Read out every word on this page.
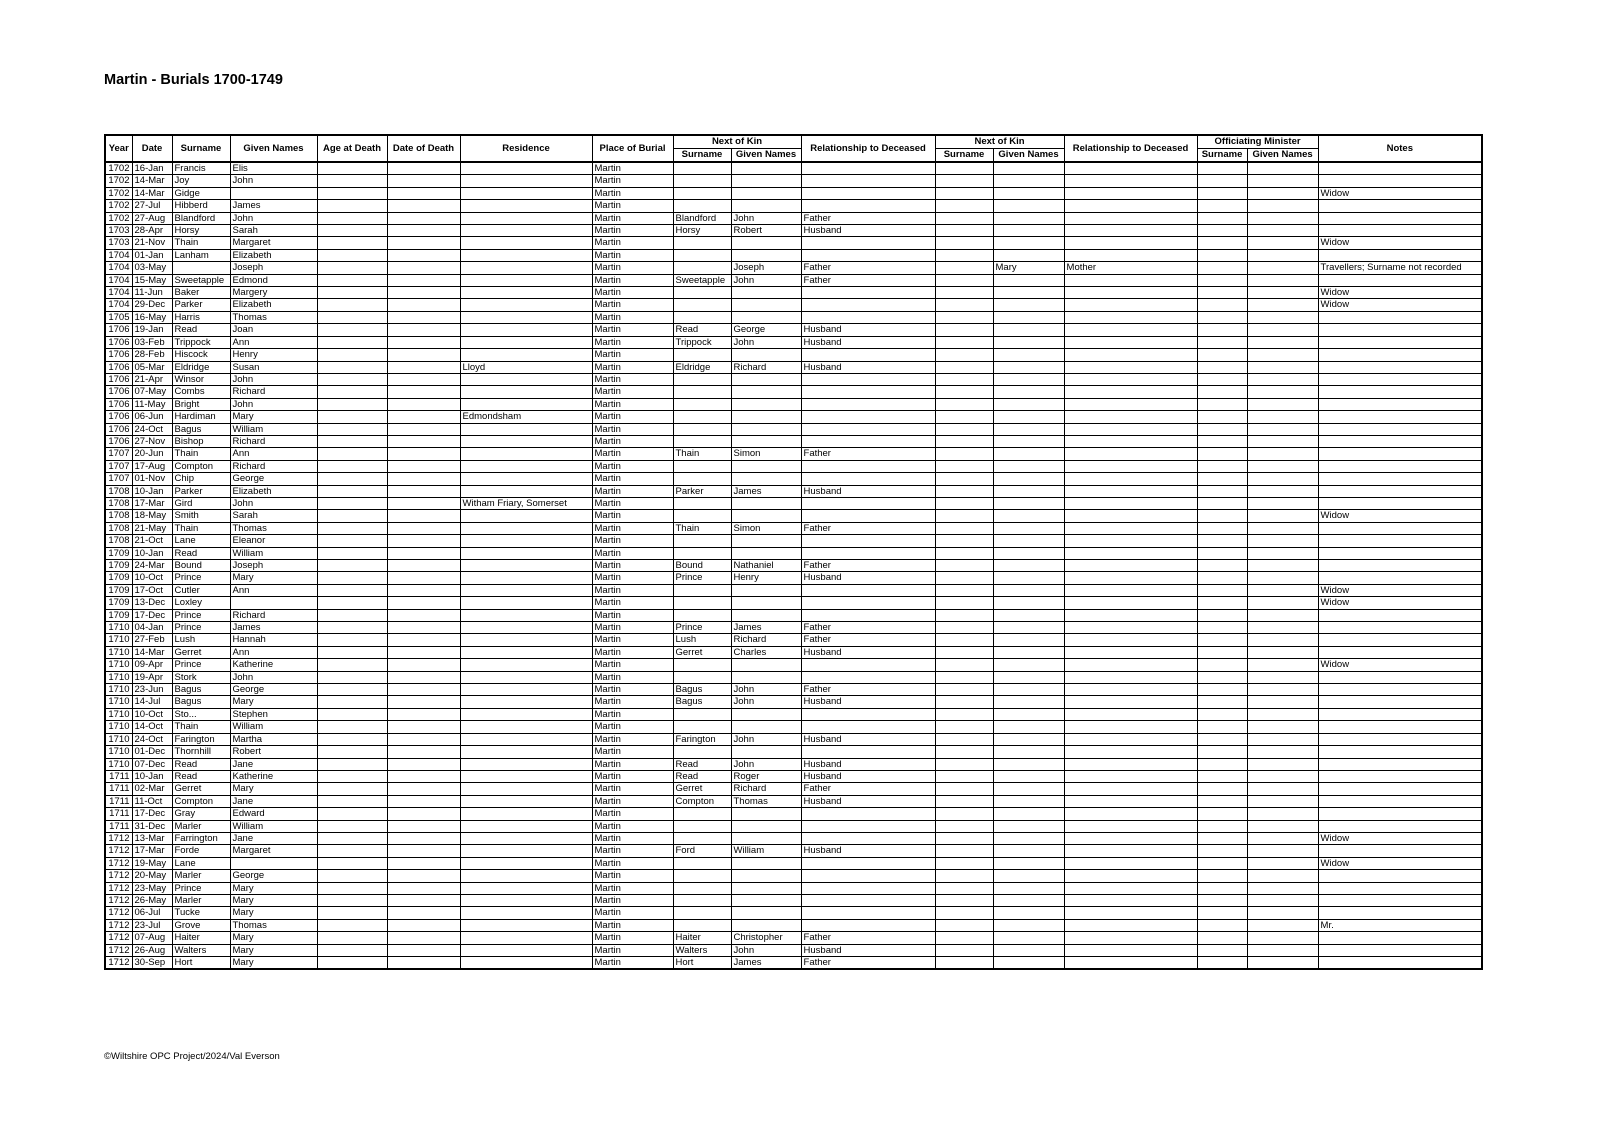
Martin - Burials 1700-1749
Year	Date	Surname	Given Names	Age at Death	Date of Death	Residence	Place of Burial	Next of Kin		Relationship to Deceased	Next of Kin		Relationship to Deceased	Officiating Minister		Notes
								Surname	Given Names		Surname	Given Names		Surname	Given Names	
1702	16-Jan	Francis	Elis				Martin									
1702	14-Mar	Joy	John				Martin									
1702	14-Mar	Gidge					Martin									Widow
1702	27-Jul	Hibberd	James				Martin									
1702	27-Aug	Blandford	John				Martin	Blandford	John	Father						
1703	28-Apr	Horsy	Sarah				Martin	Horsy	Robert	Husband						
1703	21-Nov	Thain	Margaret				Martin									Widow
1704	01-Jan	Lanham	Elizabeth				Martin									
1704	03-May		Joseph				Martin		Joseph	Father		Mary	Mother			Travellers; Surname not recorded
1704	15-May	Sweetapple	Edmond				Martin	Sweetapple	John	Father						
1704	11-Jun	Baker	Margery				Martin									Widow
1704	29-Dec	Parker	Elizabeth				Martin									Widow
1705	16-May	Harris	Thomas				Martin									
1706	19-Jan	Read	Joan				Martin	Read	George	Husband						
1706	03-Feb	Trippock	Ann				Martin	Trippock	John	Husband						
1706	28-Feb	Hiscock	Henry				Martin									
1706	05-Mar	Eldridge	Susan			Lloyd	Martin	Eldridge	Richard	Husband						
1706	21-Apr	Winsor	John				Martin									
1706	07-May	Combs	Richard				Martin									
1706	11-May	Bright	John				Martin									
1706	06-Jun	Hardiman	Mary			Edmondsham	Martin									
1706	24-Oct	Bagus	William				Martin									
1706	27-Nov	Bishop	Richard				Martin									
1707	20-Jun	Thain	Ann				Martin	Thain	Simon	Father						
1707	17-Aug	Compton	Richard				Martin									
1707	01-Nov	Chip	George				Martin									
1708	10-Jan	Parker	Elizabeth				Martin	Parker	James	Husband						
1708	17-Mar	Gird	John			Witham Friary, Somerset	Martin									
1708	18-May	Smith	Sarah				Martin									Widow
1708	21-May	Thain	Thomas				Martin	Thain	Simon	Father						
1708	21-Oct	Lane	Eleanor				Martin									
1709	10-Jan	Read	William				Martin									
1709	24-Mar	Bound	Joseph				Martin	Bound	Nathaniel	Father						
1709	10-Oct	Prince	Mary				Martin	Prince	Henry	Husband						
1709	17-Oct	Cutler	Ann				Martin									Widow
1709	13-Dec	Loxley					Martin									Widow
1709	17-Dec	Prince	Richard				Martin									
1710	04-Jan	Prince	James				Martin	Prince	James	Father						
1710	27-Feb	Lush	Hannah				Martin	Lush	Richard	Father						
1710	14-Mar	Gerret	Ann				Martin	Gerret	Charles	Husband						
1710	09-Apr	Prince	Katherine				Martin									Widow
1710	19-Apr	Stork	John				Martin									
1710	23-Jun	Bagus	George				Martin	Bagus	John	Father						
1710	14-Jul	Bagus	Mary				Martin	Bagus	John	Husband						
1710	10-Oct	Sto...	Stephen				Martin									
1710	14-Oct	Thain	William				Martin									
1710	24-Oct	Farington	Martha				Martin	Farington	John	Husband						
1710	01-Dec	Thornhill	Robert				Martin									
1710	07-Dec	Read	Jane				Martin	Read	John	Husband						
1711	10-Jan	Read	Katherine				Martin	Read	Roger	Husband						
1711	02-Mar	Gerret	Mary				Martin	Gerret	Richard	Father						
1711	11-Oct	Compton	Jane				Martin	Compton	Thomas	Husband						
1711	17-Dec	Gray	Edward				Martin									
1711	31-Dec	Marler	William				Martin									
1712	13-Mar	Farrington	Jane				Martin									Widow
1712	17-Mar	Forde	Margaret				Martin	Ford	William	Husband						
1712	19-May	Lane					Martin									Widow
1712	20-May	Marler	George				Martin									
1712	23-May	Prince	Mary				Martin									
1712	26-May	Marler	Mary				Martin									
1712	06-Jul	Tucke	Mary				Martin									
1712	23-Jul	Grove	Thomas				Martin									Mr.
1712	07-Aug	Haiter	Mary				Martin	Haiter	Christopher	Father						
1712	26-Aug	Walters	Mary				Martin	Walters	John	Husband						
1712	30-Sep	Hort	Mary				Martin	Hort	James	Father						
©Wiltshire OPC Project/2024/Val Everson
